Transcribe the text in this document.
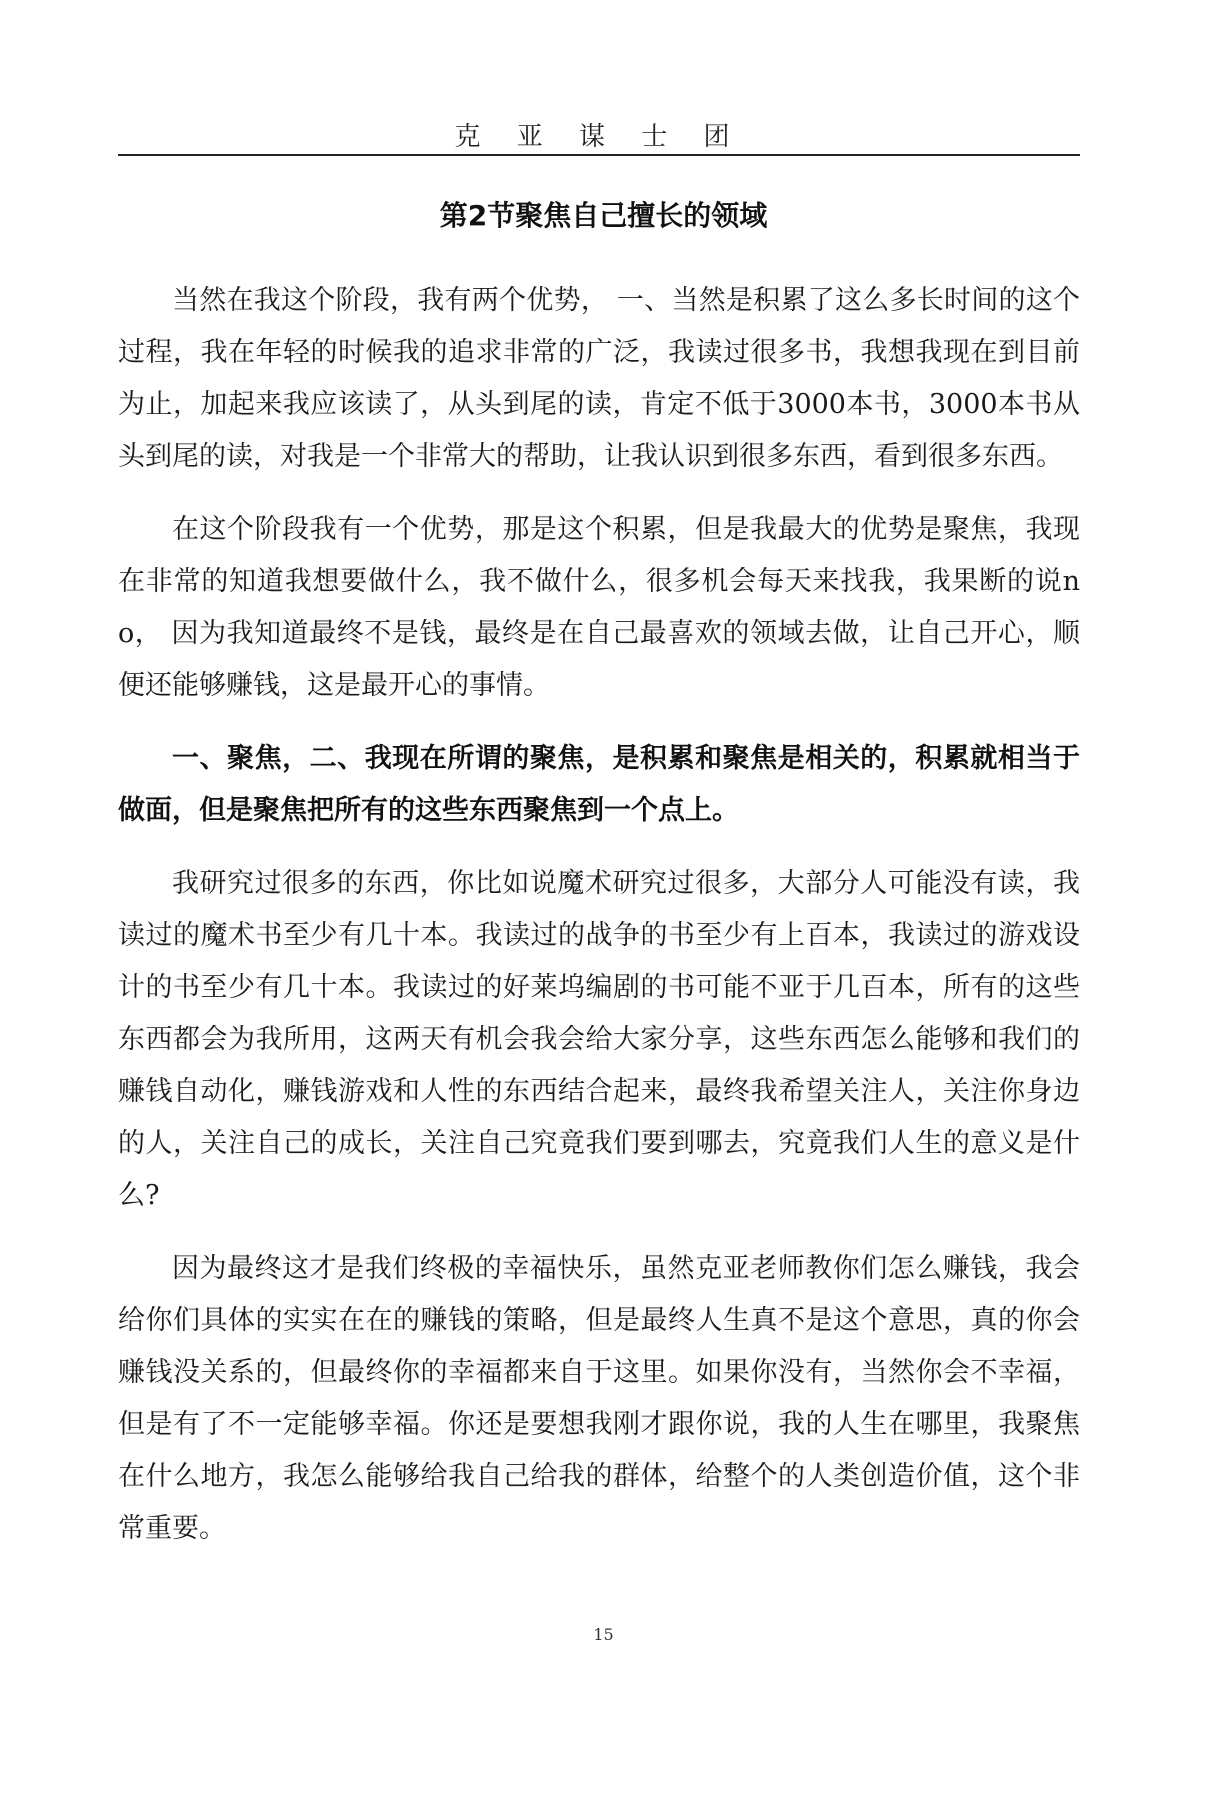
克 亚 谋 士 团
第2节聚焦自己擅长的领域

当然在我这个阶段，我有两个优势， 一、当然是积累了这么多长时间的这个过程，我在年轻的时候我的追求非常的广泛，我读过很多书，我想我现在到目前为止，加起来我应该读了，从头到尾的读，肯定不低于3000本书，3000本书从头到尾的读，对我是一个非常大的帮助，让我认识到很多东西，看到很多东西。

在这个阶段我有一个优势，那是这个积累，但是我最大的优势是聚焦，我现在非常的知道我想要做什么，我不做什么，很多机会每天来找我，我果断的说no， 因为我知道最终不是钱，最终是在自己最喜欢的领域去做，让自己开心，顺便还能够赚钱，这是最开心的事情。

一、聚焦，二、我现在所谓的聚焦，是积累和聚焦是相关的，积累就相当于做面，但是聚焦把所有的这些东西聚焦到一个点上。

我研究过很多的东西，你比如说魔术研究过很多，大部分人可能没有读，我读过的魔术书至少有几十本。我读过的战争的书至少有上百本，我读过的游戏设计的书至少有几十本。我读过的好莱坞编剧的书可能不亚于几百本，所有的这些东西都会为我所用，这两天有机会我会给大家分享，这些东西怎么能够和我们的赚钱自动化，赚钱游戏和人性的东西结合起来，最终我希望关注人，关注你身边的人，关注自己的成长，关注自己究竟我们要到哪去，究竟我们人生的意义是什么?

因为最终这才是我们终极的幸福快乐，虽然克亚老师教你们怎么赚钱，我会给你们具体的实实在在的赚钱的策略，但是最终人生真不是这个意思，真的你会赚钱没关系的，但最终你的幸福都来自于这里。如果你没有，当然你会不幸福，但是有了不一定能够幸福。你还是要想我刚才跟你说，我的人生在哪里，我聚焦在什么地方，我怎么能够给我自己给我的群体，给整个的人类创造价值，这个非常重要。

15
